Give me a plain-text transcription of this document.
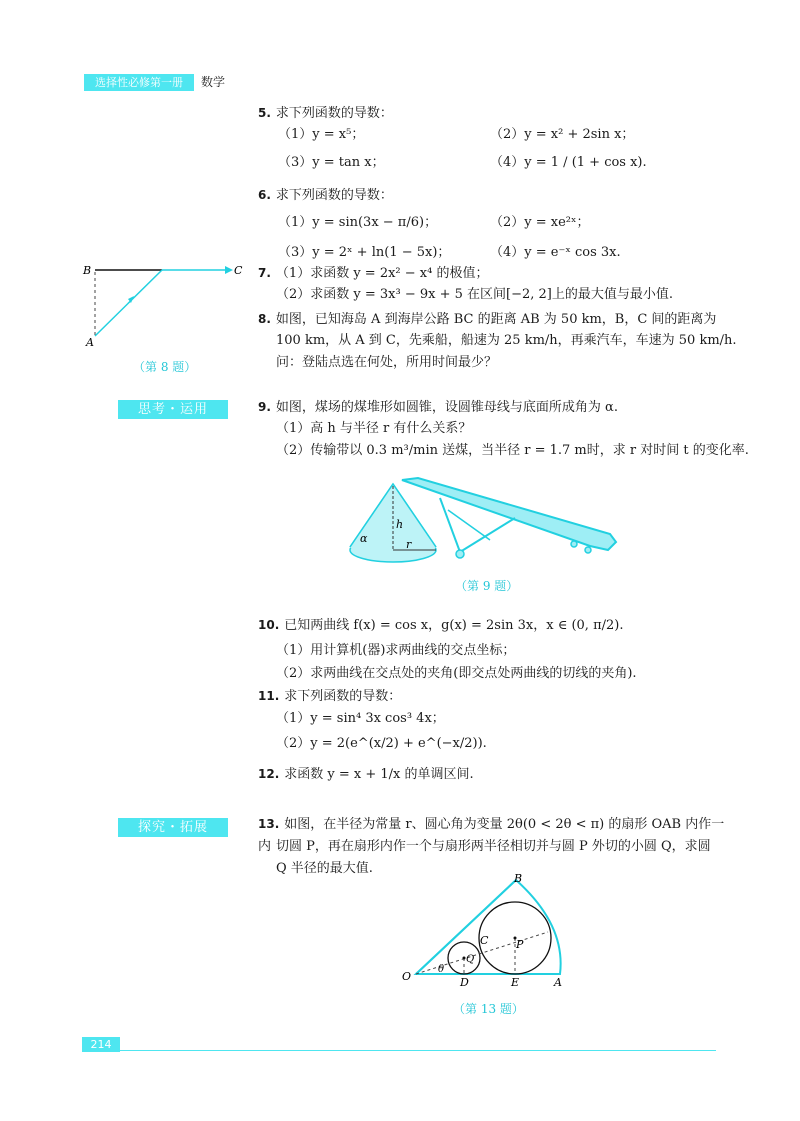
选择性必修第一册	数学
5. 求下列函数的导数：
（1）y = x⁵；	（2）y = x² + 2sin x；
（3）y = tan x；	（4）y = 1 / (1 + cos x).
6. 求下列函数的导数：
（1）y = sin(3x − π/6)；	（2）y = xe²ˣ；
（3）y = 2ˣ + ln(1 − 5x)；	（4）y = e⁻ˣ cos 3x.
B	C
A
（第 8 题）
7. （1）求函数 y = 2x² − x⁴ 的极值；
（2）求函数 y = 3x³ − 9x + 5 在区间[−2, 2]上的最大值与最小值.
8. 如图，已知海岛 A 到海岸公路 BC 的距离 AB 为 50 km，B，C 间的距离为
100 km，从 A 到 C，先乘船，船速为 25 km/h，再乘汽车，车速为 50 km/h.
问：登陆点选在何处，所用时间最少？
思考・运用	9. 如图，煤场的煤堆形如圆锥，设圆锥母线与底面所成角为 α.
（1）高 h 与半径 r 有什么关系？
（2）传输带以 0.3 m³/min 送煤，当半径 r = 1.7 m时，求 r 对时间 t 的变化率.
h
α	r
（第 9 题）
10. 已知两曲线 f(x) = cos x，g(x) = 2sin 3x，x ∈ (0, π/2).
（1）用计算机(器)求两曲线的交点坐标；
（2）求两曲线在交点处的夹角(即交点处两曲线的切线的夹角).
11. 求下列函数的导数：
（1）y = sin⁴ 3x cos³ 4x；
（2）y = 2(e^(x/2) + e^(−x/2)).
12. 求函数 y = x + 1/x 的单调区间.
探究・拓展	13. 如图，在半径为常量 r、圆心角为变量 2θ(0 < 2θ < π) 的扇形 OAB 内作一内 切圆 P，再在扇形内作一个与扇形两半径相切并与圆 P 外切的小圆 Q，求圆
Q 半径的最大值.
B
C	P
Q
θ
O	D	E	A
（第 13 题）
214
